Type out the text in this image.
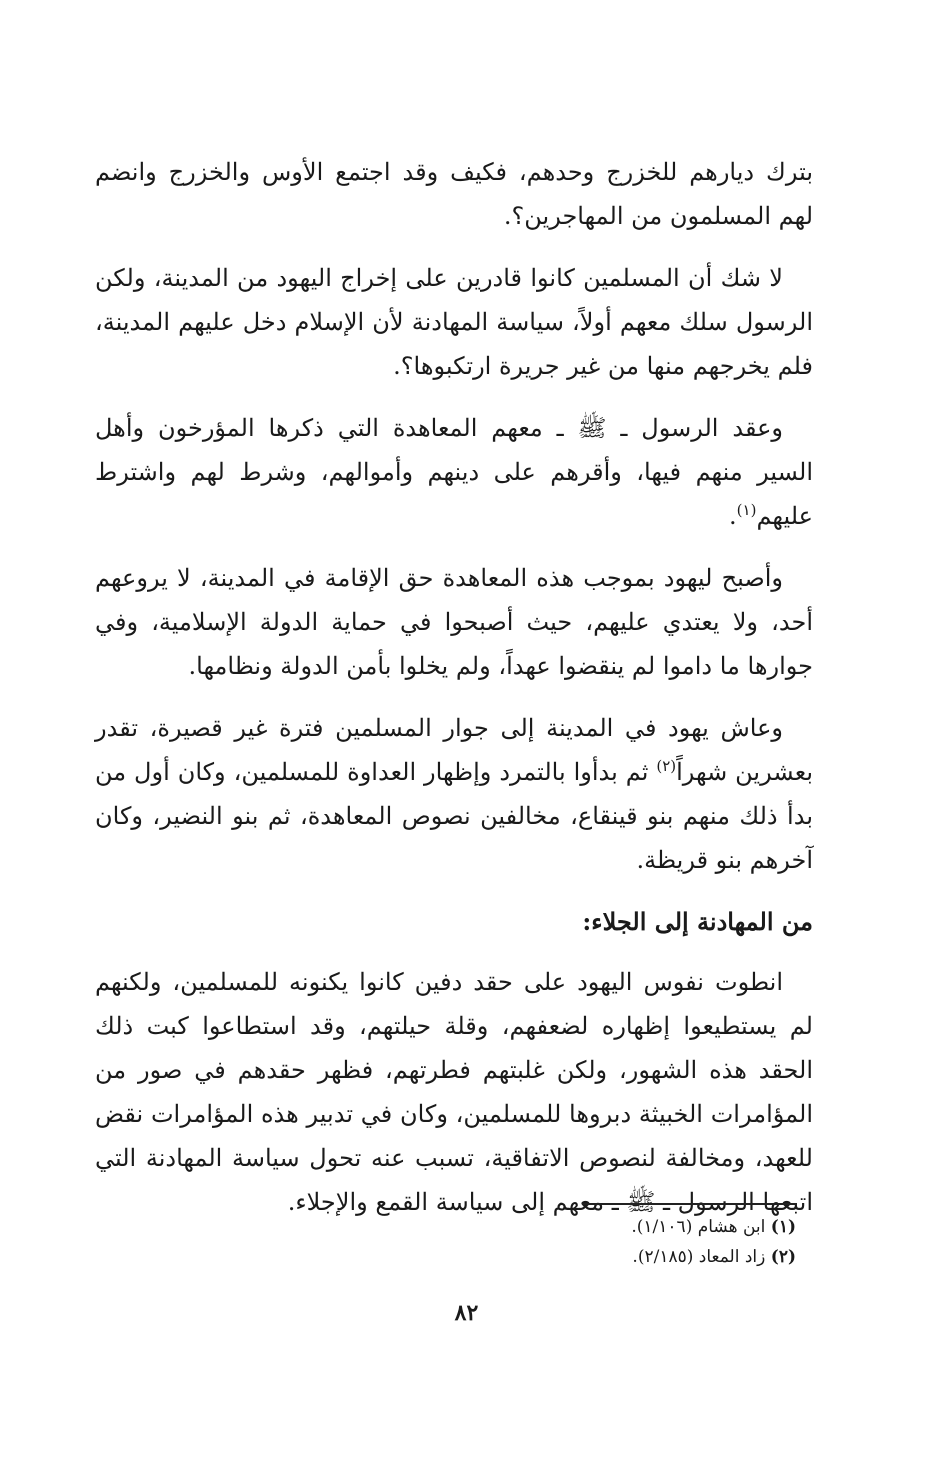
بترك ديارهم للخزرج وحدهم، فكيف وقد اجتمع الأوس والخزرج وانضم لهم المسلمون من المهاجرين؟.

لا شك أن المسلمين كانوا قادرين على إخراج اليهود من المدينة، ولكن الرسول سلك معهم أولاً، سياسة المهادنة لأن الإسلام دخل عليهم المدينة، فلم يخرجهم منها من غير جريرة ارتكبوها؟.

وعقد الرسول ـ ﷺ ـ معهم المعاهدة التي ذكرها المؤرخون وأهل السير منهم فيها، وأقرهم على دينهم وأموالهم، وشرط لهم واشترط عليهم$^{(١)}$.

وأصبح ليهود بموجب هذه المعاهدة حق الإقامة في المدينة، لا يروعهم أحد، ولا يعتدي عليهم، حيث أصبحوا في حماية الدولة الإسلامية، وفي جوارها ما داموا لم ينقضوا عهداً، ولم يخلوا بأمن الدولة ونظامها.

وعاش يهود في المدينة إلى جوار المسلمين فترة غير قصيرة، تقدر بعشرين شهراً$^{(٢)}$ ثم بدأوا بالتمرد وإظهار العداوة للمسلمين، وكان أول من بدأ ذلك منهم بنو قينقاع، مخالفين نصوص المعاهدة، ثم بنو النضير، وكان آخرهم بنو قريظة.

من المهادنة إلى الجلاء:

انطوت نفوس اليهود على حقد دفين كانوا يكنونه للمسلمين، ولكنهم لم يستطيعوا إظهاره لضعفهم، وقلة حيلتهم، وقد استطاعوا كبت ذلك الحقد هذه الشهور، ولكن غلبتهم فطرتهم، فظهر حقدهم في صور من المؤامرات الخبيثة دبروها للمسلمين، وكان في تدبير هذه المؤامرات نقض للعهد، ومخالفة لنصوص الاتفاقية، تسبب عنه تحول سياسة المهادنة التي اتبعها الرسول ـ ﷺ ـ معهم إلى سياسة القمع والإجلاء.

(١) ابن هشام (١/١٠٦).
(٢) زاد المعاد (٢/١٨٥).
٨٢
